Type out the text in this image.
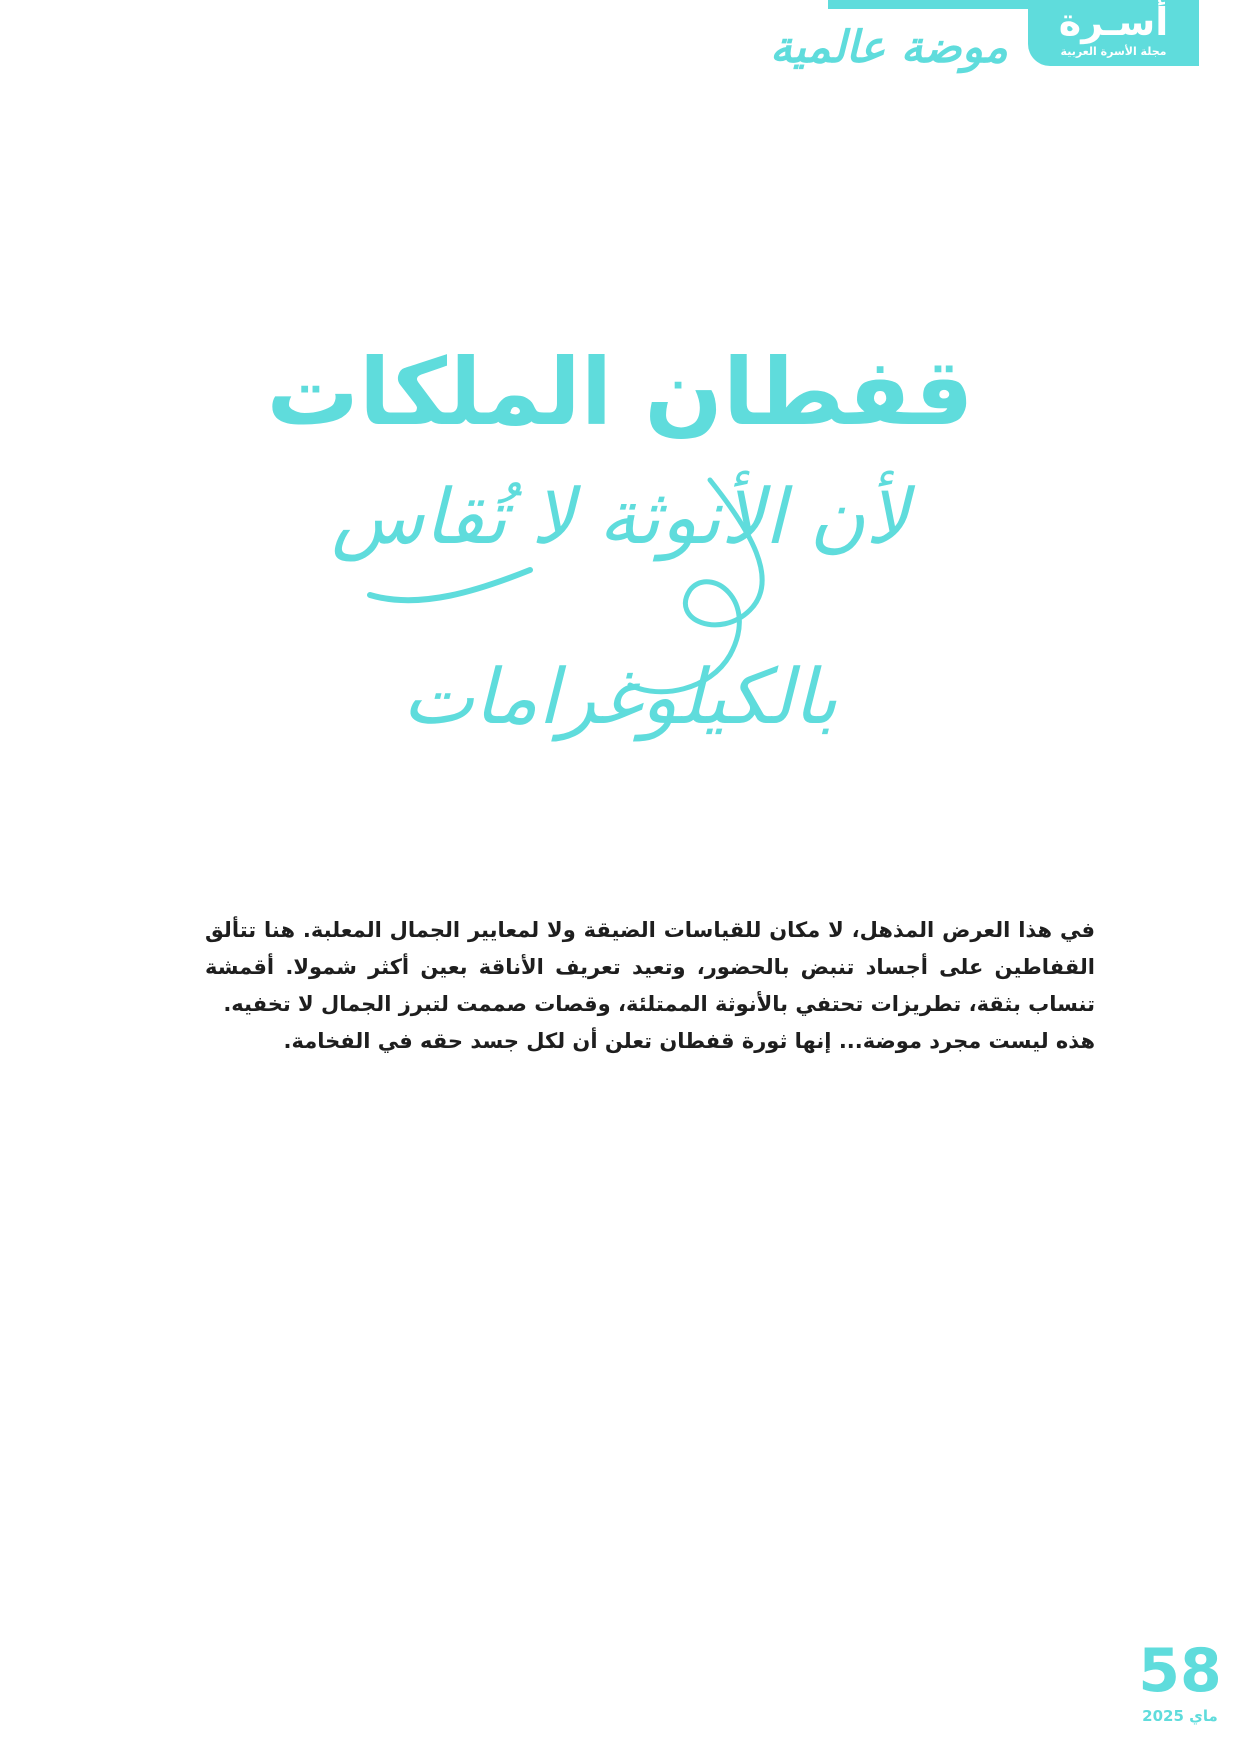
أسـرة
مجلة الأسرة العربية
موضة عالمية
قفطان الملكات
لأن الأنوثة لا تُقاس
بالكيلوغرامات

في هذا العرض المذهل، لا مكان للقياسات الضيقة ولا لمعايير الجمال المعلبة. هنا تتألق القفاطين على أجساد تنبض بالحضور، وتعيد تعريف الأناقة بعين أكثر شمولا. أقمشة تنساب بثقة، تطريزات تحتفي بالأنوثة الممتلئة، وقصات صممت لتبرز الجمال لا تخفيه.

هذه ليست مجرد موضة... إنها ثورة قفطان تعلن أن لكل جسد حقه في الفخامة.

58
ماي 2025
